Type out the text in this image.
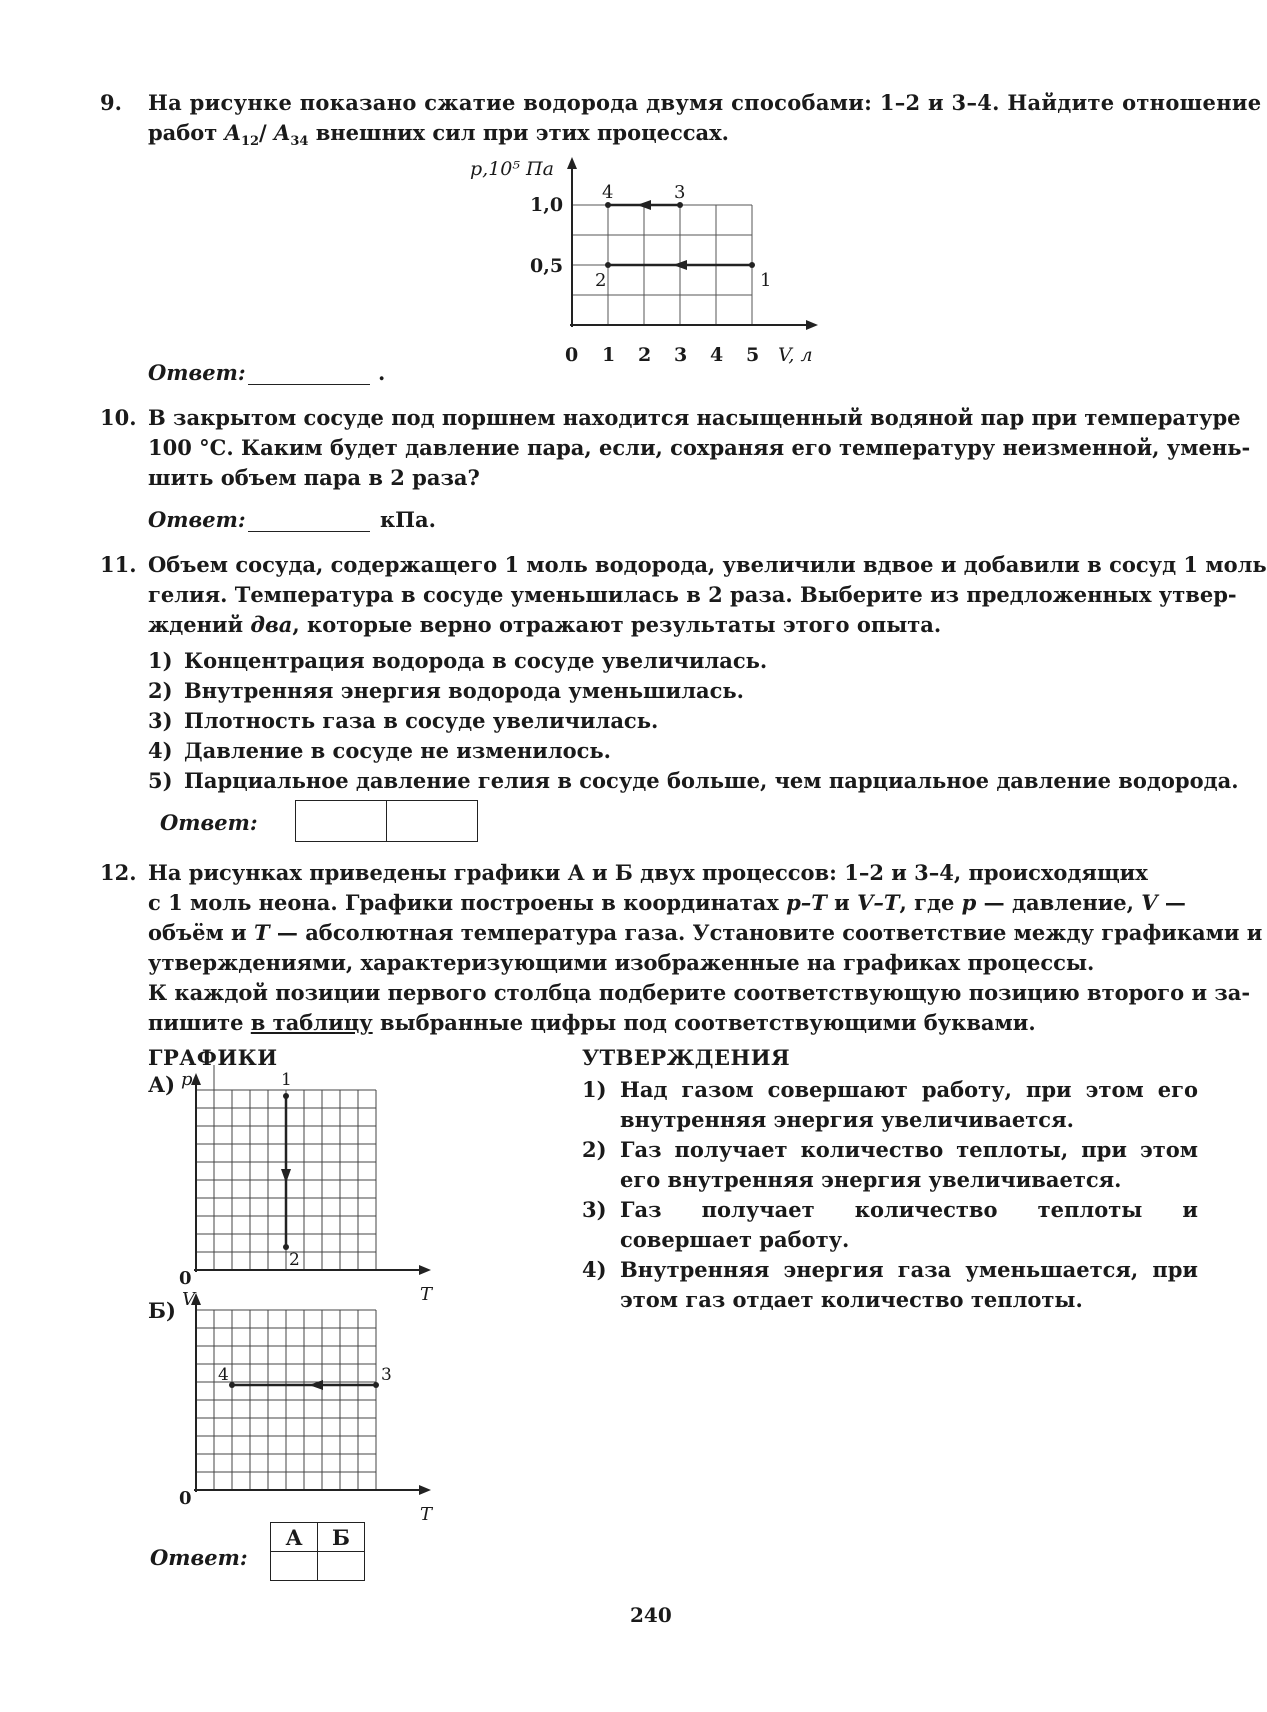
9. На рисунке показано сжатие водорода двумя способами: 1–2 и 3–4. Найдите отношение
работ $A_{12}/$ $A_{34}$ внешних сил при этих процессах.
p,10⁵ Па
1,0
0,5
0 1 2 3 4 5 V, л
4	3
2	1
Ответ:	.
10. В закрытом сосуде под поршнем находится насыщенный водяной пар при температуре
100 °С. Каким будет давление пара, если, сохраняя его температуру неизменной, умень-
шить объем пара в 2 раза?
Ответ:	кПа.
11. Объем сосуда, содержащего 1 моль водорода, увеличили вдвое и добавили в сосуд 1 моль
гелия. Температура в сосуде уменьшилась в 2 раза. Выберите из предложенных утвер-
ждений два, которые верно отражают результаты этого опыта.
1) Концентрация водорода в сосуде увеличилась.
2) Внутренняя энергия водорода уменьшилась.
3) Плотность газа в сосуде увеличилась.
4) Давление в сосуде не изменилось.
5) Парциальное давление гелия в сосуде больше, чем парциальное давление водорода.
Ответ:
12. На рисунках приведены графики А и Б двух процессов: 1–2 и 3–4, происходящих
с 1 моль неона. Графики построены в координатах p–T и V–T, где p — давление, V —
объём и T — абсолютная температура газа. Установите соответствие между графиками и
утверждениями, характеризующими изображенные на графиках процессы.
К каждой позиции первого столбца подберите соответствующую позицию второго и за-
пишите в таблицу выбранные цифры под соответствующими буквами.
ГРАФИКИ	УТВЕРЖДЕНИЯ
А)
Б)
p
0
T
1
2
V
0
T
3
4
1) Над газом совершают работу, при этом его внутренняя энергия увеличивается.
2) Газ получает количество теплоты, при этом его внутренняя энергия увеличивается.
3) Газ получает количество теплоты и совершает работу.
4) Внутренняя энергия газа уменьшается, при этом газ отдает количество теплоты.
Ответ:
А	Б

240
